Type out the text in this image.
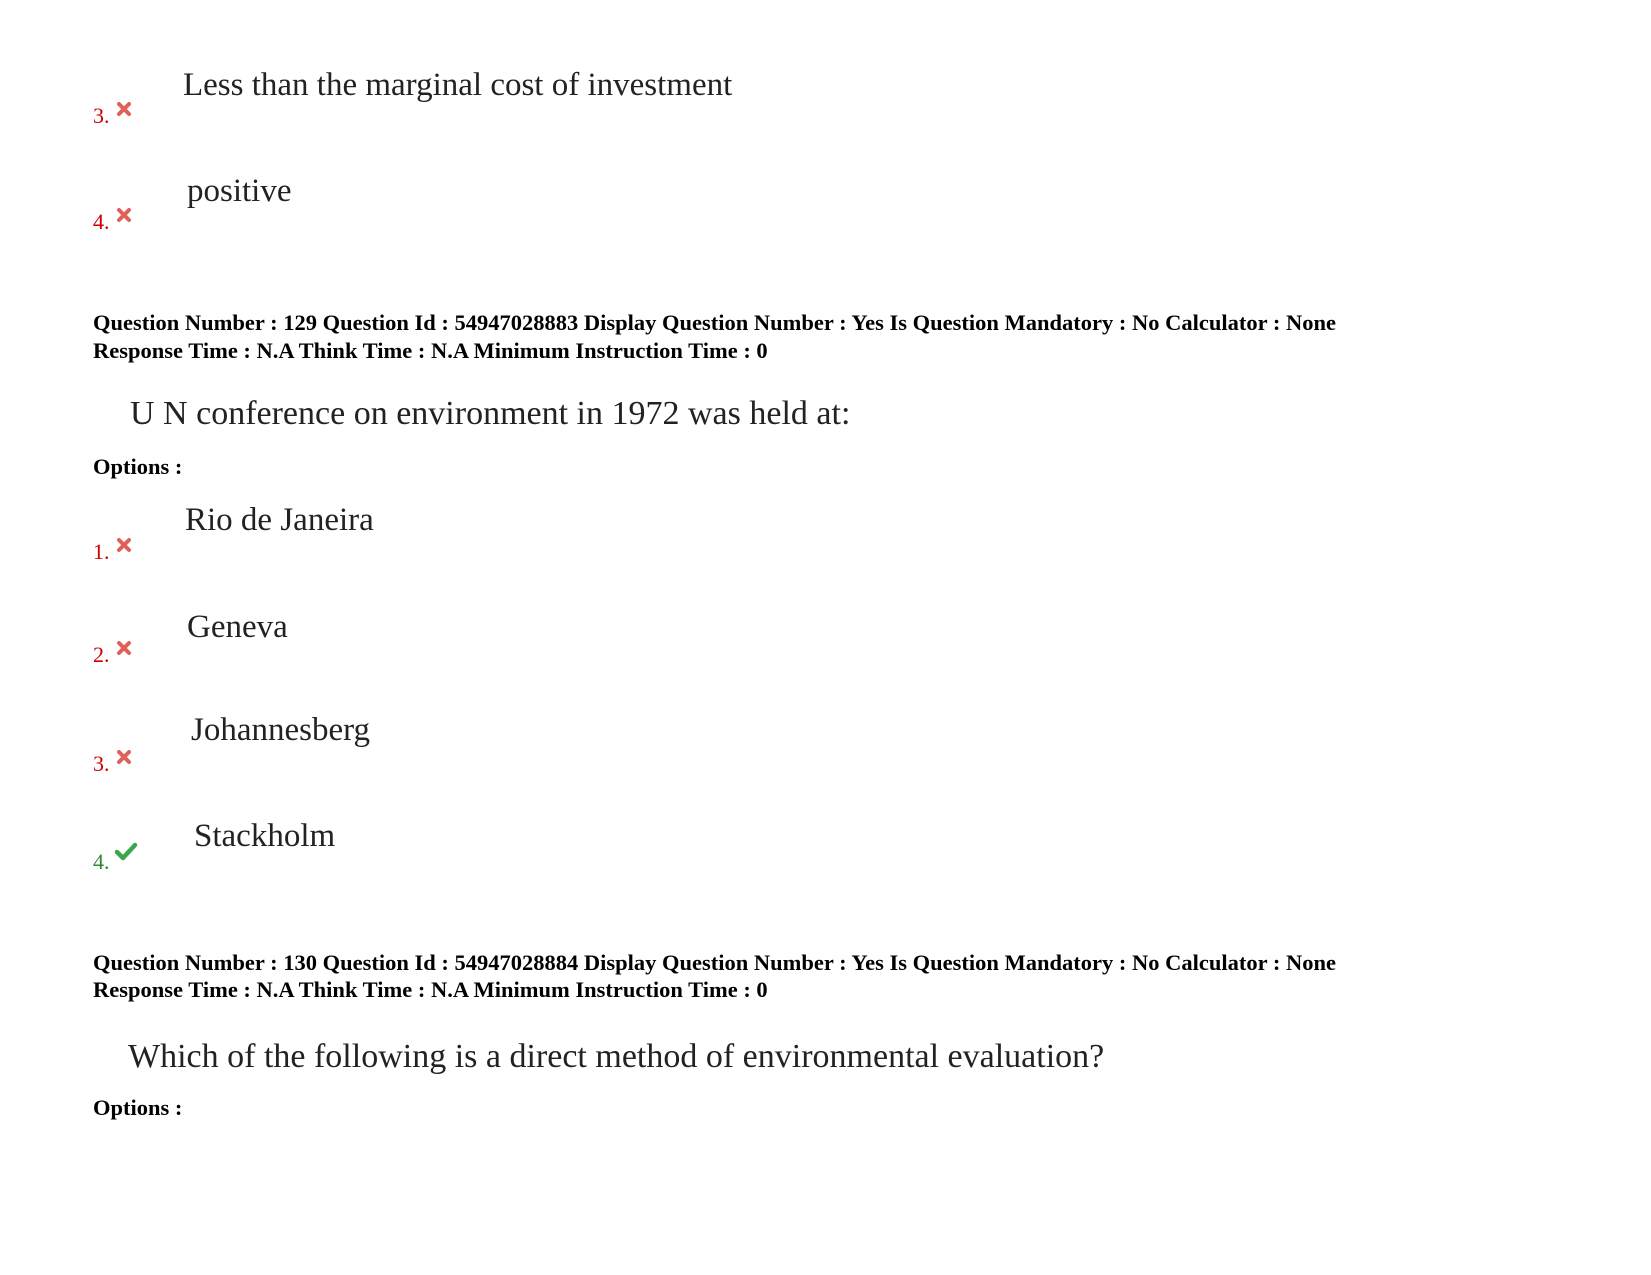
3.
Less than the marginal cost of investment
4.
positive
Question Number : 129 Question Id : 54947028883 Display Question Number : Yes Is Question Mandatory : No Calculator : None
Response Time : N.A Think Time : N.A Minimum Instruction Time : 0
U N conference on environment in 1972 was held at:
Options :
1.
Rio de Janeira
2.
Geneva
3.
Johannesberg
4.
Stackholm
Question Number : 130 Question Id : 54947028884 Display Question Number : Yes Is Question Mandatory : No Calculator : None
Response Time : N.A Think Time : N.A Minimum Instruction Time : 0
Which of the following is a direct method of environmental evaluation?
Options :
